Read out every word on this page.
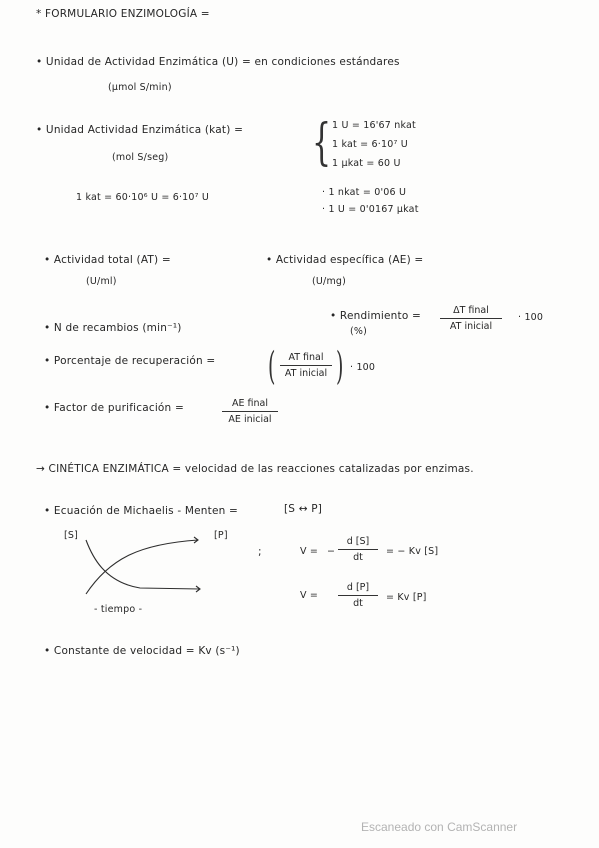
* FORMULARIO ENZIMOLOGÍA =
• Unidad de Actividad Enzimática (U) = en condiciones estándares
(μmol S/min)
• Unidad Actividad Enzimática (kat) =
(mol S/seg)	{ 1 U = 16'67 nkat
1 kat = 6·10⁷ U
1 μkat = 60 U
1 kat = 60·10⁶ U = 6·10⁷ U	· 1 nkat = 0'06 U
· 1 U = 0'0167 μkat
• Actividad total (AT) =
(U/ml)
• Actividad específica (AE) =
(U/mg)
• Rendimiento =
(%)
ΔT final
AT inicial
· 100
• N de recambios (min⁻¹)
• Porcentaje de recuperación = (	AT final
AT inicial ) · 100
• Factor de purificación =	AE final
AE inicial
→ CINÉTICA ENZIMÁTICA = velocidad de las reacciones catalizadas por enzimas.
• Ecuación de Michaelis - Menten =	[S ↔ P]
[S]	[P]
- tiempo -
;	V = − $\frac{d [S]}{dt}$ = − Kv [S]
$V = \frac{d [P]}{dt} = Kv$ [P]
• Constante de velocidad = Kv (s⁻¹)
Escaneado con CamScanner
